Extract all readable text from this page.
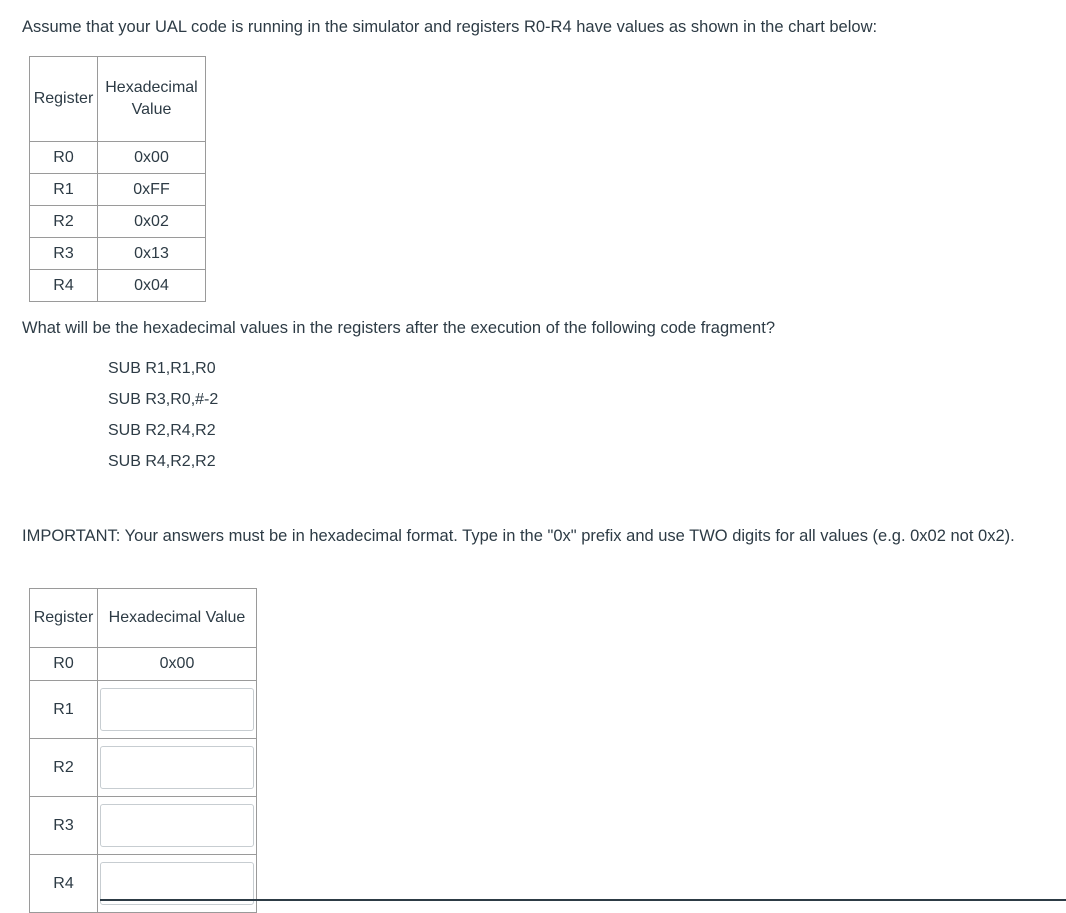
Assume that your UAL code is running in the simulator and registers R0-R4 have values as shown in the chart below:

Register	Hexadecimal Value
R0	0x00
R1	0xFF
R2	0x02
R3	0x13
R4	0x04

What will be the hexadecimal values in the registers after the execution of the following code fragment?

SUB R1,R1,R0
SUB R3,R0,#-2
SUB R2,R4,R2
SUB R4,R2,R2

IMPORTANT: Your answers must be in hexadecimal format. Type in the "0x" prefix and use TWO digits for all values (e.g. 0x02 not 0x2).

Register	Hexadecimal Value
R0	0x00
R1	

R2	

R3	

R4	
